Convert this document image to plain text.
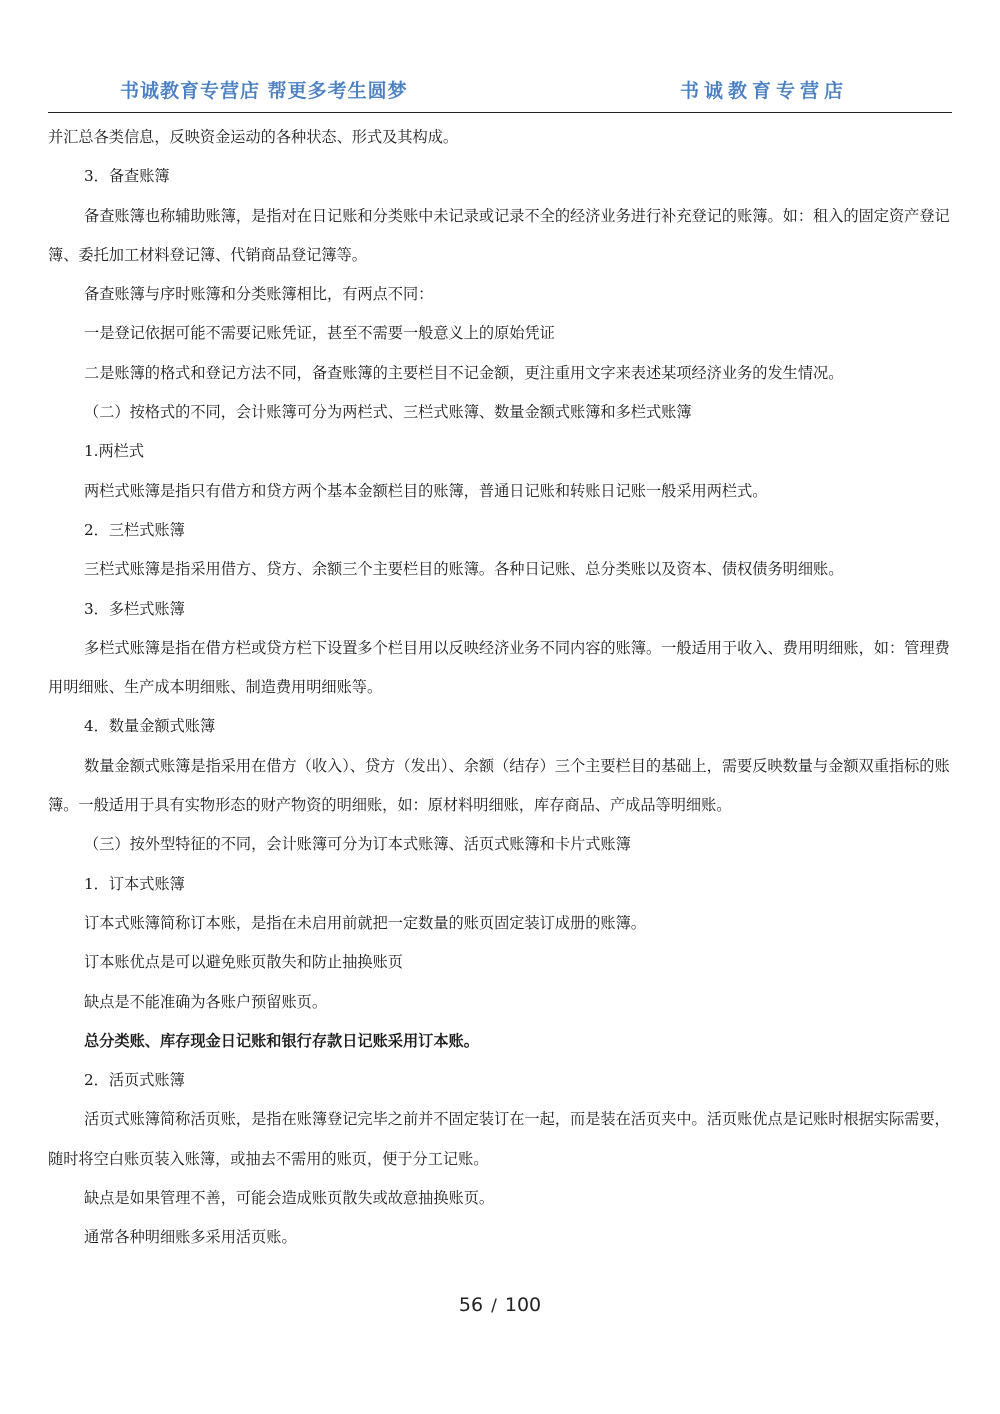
书诚教育专营店 帮更多考生圆梦	书诚教育专营店

并汇总各类信息，反映资金运动的各种状态、形式及其构成。

3．备查账簿

备查账簿也称辅助账簿，是指对在日记账和分类账中未记录或记录不全的经济业务进行补充登记的账簿。如：租入的固定资产登记簿、委托加工材料登记簿、代销商品登记簿等。

备查账簿与序时账簿和分类账簿相比，有两点不同：

一是登记依据可能不需要记账凭证，甚至不需要一般意义上的原始凭证

二是账簿的格式和登记方法不同，备查账簿的主要栏目不记金额，更注重用文字来表述某项经济业务的发生情况。

（二）按格式的不同，会计账簿可分为两栏式、三栏式账簿、数量金额式账簿和多栏式账簿

1.两栏式

两栏式账簿是指只有借方和贷方两个基本金额栏目的账簿，普通日记账和转账日记账一般采用两栏式。

2．三栏式账簿

三栏式账簿是指采用借方、贷方、余额三个主要栏目的账簿。各种日记账、总分类账以及资本、债权债务明细账。

3．多栏式账簿

多栏式账簿是指在借方栏或贷方栏下设置多个栏目用以反映经济业务不同内容的账簿。一般适用于收入、费用明细账，如：管理费用明细账、生产成本明细账、制造费用明细账等。

4．数量金额式账簿

数量金额式账簿是指采用在借方（收入）、贷方（发出）、余额（结存）三个主要栏目的基础上，需要反映数量与金额双重指标的账簿。一般适用于具有实物形态的财产物资的明细账，如：原材料明细账，库存商品、产成品等明细账。

（三）按外型特征的不同，会计账簿可分为订本式账簿、活页式账簿和卡片式账簿

1．订本式账簿

订本式账簿简称订本账，是指在未启用前就把一定数量的账页固定装订成册的账簿。

订本账优点是可以避免账页散失和防止抽换账页

缺点是不能准确为各账户预留账页。

总分类账、库存现金日记账和银行存款日记账采用订本账。

2．活页式账簿

活页式账簿简称活页账，是指在账簿登记完毕之前并不固定装订在一起，而是装在活页夹中。活页账优点是记账时根据实际需要，随时将空白账页装入账簿，或抽去不需用的账页，便于分工记账。

缺点是如果管理不善，可能会造成账页散失或故意抽换账页。

通常各种明细账多采用活页账。

56 / 100
